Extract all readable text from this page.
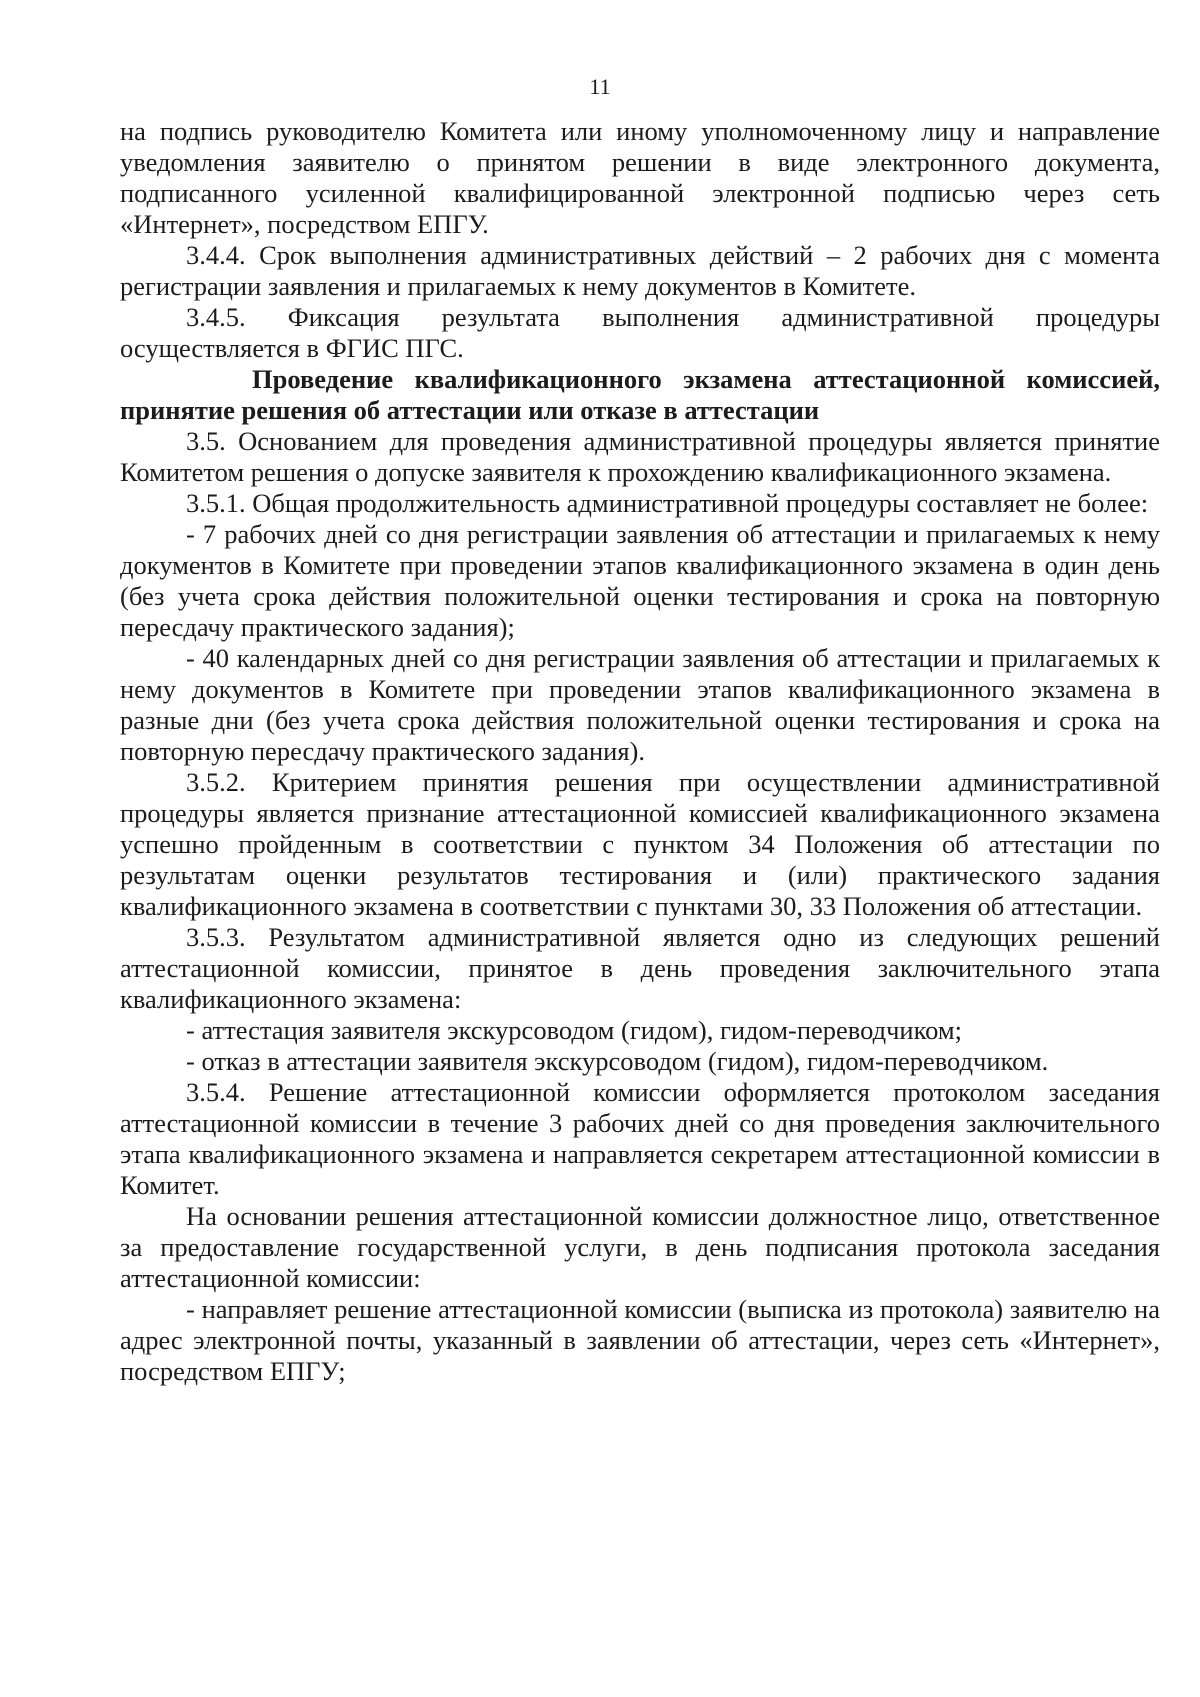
11

на подпись руководителю Комитета или иному уполномоченному лицу и направление уведомления заявителю о принятом решении в виде электронного документа, подписанного усиленной квалифицированной электронной подписью через сеть «Интернет», посредством ЕПГУ.

3.4.4. Срок выполнения административных действий – 2 рабочих дня с момента регистрации заявления и прилагаемых к нему документов в Комитете.

3.4.5. Фиксация результата выполнения административной процедуры осуществляется в ФГИС ПГС.

Проведение квалификационного экзамена аттестационной комиссией, принятие решения об аттестации или отказе в аттестации

3.5. Основанием для проведения административной процедуры является принятие Комитетом решения о допуске заявителя к прохождению квалификационного экзамена.

3.5.1. Общая продолжительность административной процедуры составляет не более:

- 7 рабочих дней со дня регистрации заявления об аттестации и прилагаемых к нему документов в Комитете при проведении этапов квалификационного экзамена в один день (без учета срока действия положительной оценки тестирования и срока на повторную пересдачу практического задания);

- 40 календарных дней со дня регистрации заявления об аттестации и прилагаемых к нему документов в Комитете при проведении этапов квалификационного экзамена в разные дни (без учета срока действия положительной оценки тестирования и срока на повторную пересдачу практического задания).

3.5.2. Критерием принятия решения при осуществлении административной процедуры является признание аттестационной комиссией квалификационного экзамена успешно пройденным в соответствии с пунктом 34 Положения об аттестации по результатам оценки результатов тестирования и (или) практического задания квалификационного экзамена в соответствии с пунктами 30, 33 Положения об аттестации.

3.5.3. Результатом административной является одно из следующих решений аттестационной комиссии, принятое в день проведения заключительного этапа квалификационного экзамена:

- аттестация заявителя экскурсоводом (гидом), гидом-переводчиком;

- отказ в аттестации заявителя экскурсоводом (гидом), гидом-переводчиком.

3.5.4. Решение аттестационной комиссии оформляется протоколом заседания аттестационной комиссии в течение 3 рабочих дней со дня проведения заключительного этапа квалификационного экзамена и направляется секретарем аттестационной комиссии в Комитет.

На основании решения аттестационной комиссии должностное лицо, ответственное за предоставление государственной услуги, в день подписания протокола заседания аттестационной комиссии:

- направляет решение аттестационной комиссии (выписка из протокола) заявителю на адрес электронной почты, указанный в заявлении об аттестации, через сеть «Интернет», посредством ЕПГУ;
